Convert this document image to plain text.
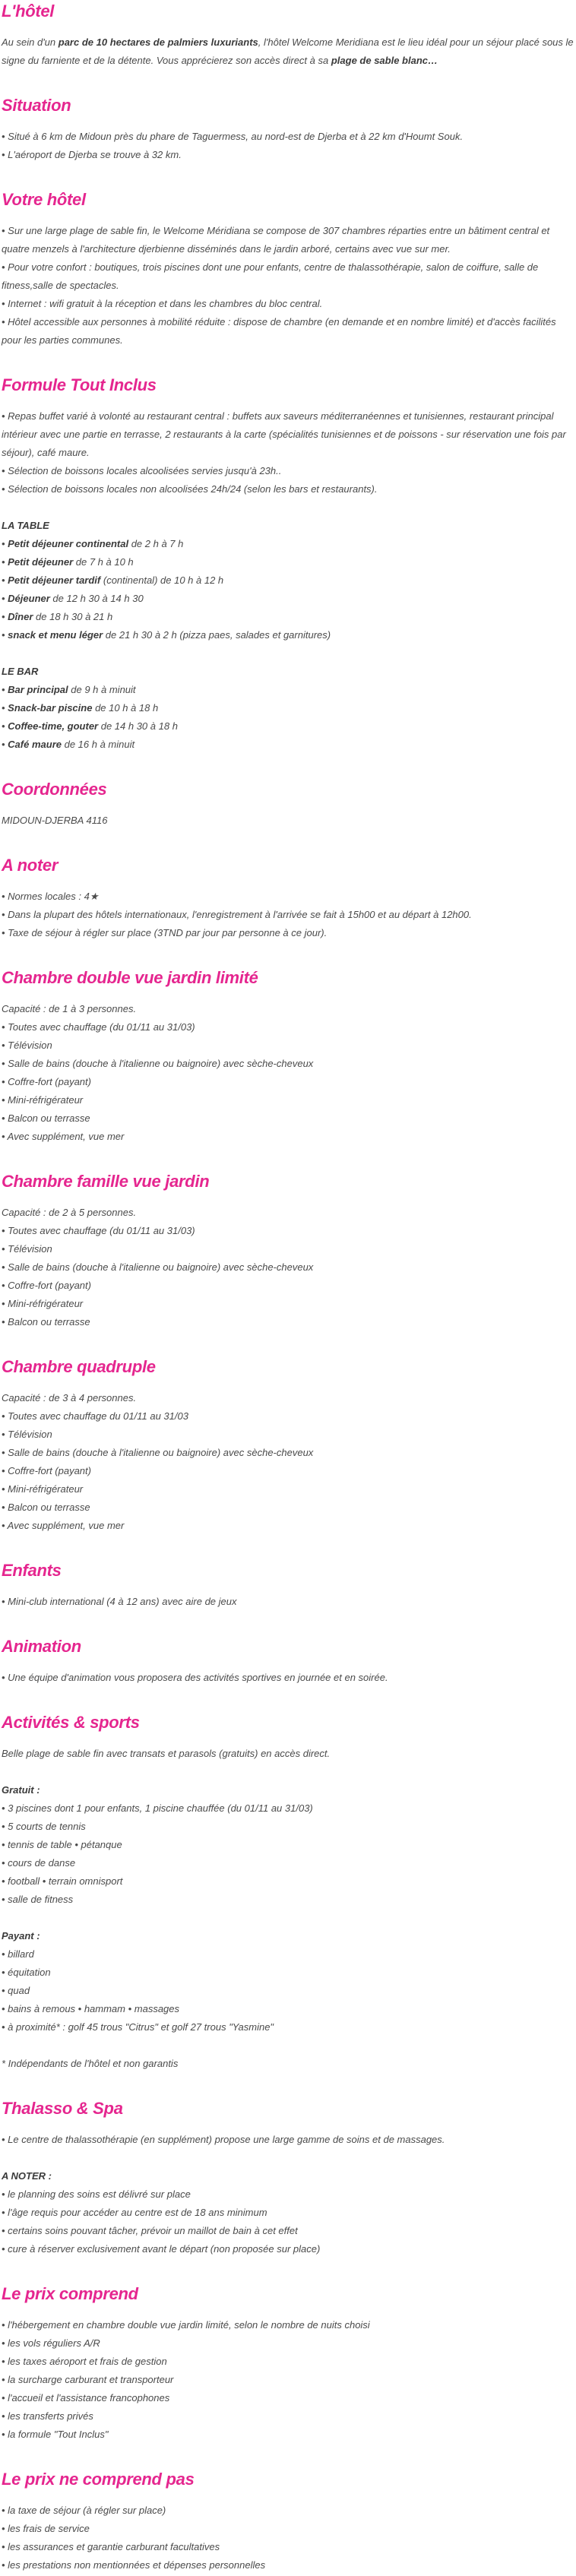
L'hôtel

Au sein d'un parc de 10 hectares de palmiers luxuriants, l'hôtel Welcome Meridiana est le lieu idéal pour un séjour placé sous le signe du farniente et de la détente. Vous apprécierez son accès direct à sa plage de sable blanc…

Situation

• Situé à 6 km de Midoun près du phare de Taguermess, au nord-est de Djerba et à 22 km d'Houmt Souk.

• L'aéroport de Djerba se trouve à 32 km.

Votre hôtel

• Sur une large plage de sable fin, le Welcome Méridiana se compose de 307 chambres réparties entre un bâtiment central et quatre menzels à l'architecture djerbienne disséminés dans le jardin arboré, certains avec vue sur mer.

• Pour votre confort : boutiques, trois piscines dont une pour enfants, centre de thalassothérapie, salon de coiffure, salle de fitness,salle de spectacles.

• Internet : wifi gratuit à la réception et dans les chambres du bloc central.

• Hôtel accessible aux personnes à mobilité réduite : dispose de chambre (en demande et en nombre limité) et d'accès facilités pour les parties communes.

Formule Tout Inclus

• Repas buffet varié à volonté au restaurant central : buffets aux saveurs méditerranéennes et tunisiennes, restaurant principal intérieur avec une partie en terrasse, 2 restaurants à la carte (spécialités tunisiennes et de poissons - sur réservation une fois par séjour), café maure.

• Sélection de boissons locales alcoolisées servies jusqu'à 23h..

• Sélection de boissons locales non alcoolisées 24h/24 (selon les bars et restaurants).

LA TABLE

• Petit déjeuner continental de 2 h à 7 h

• Petit déjeuner de 7 h à 10 h

• Petit déjeuner tardif (continental) de 10 h à 12 h

• Déjeuner de 12 h 30 à 14 h 30

• Dîner de 18 h 30 à 21 h

• snack et menu léger de 21 h 30 à 2 h (pizza paes, salades et garnitures)

LE BAR

• Bar principal de 9 h à minuit

• Snack-bar piscine de 10 h à 18 h

• Coffee-time, gouter de 14 h 30 à 18 h

• Café maure de 16 h à minuit

Coordonnées

MIDOUN-DJERBA 4116

A noter

• Normes locales : 4★

• Dans la plupart des hôtels internationaux, l'enregistrement à l'arrivée se fait à 15h00 et au départ à 12h00.

• Taxe de séjour à régler sur place (3TND par jour par personne à ce jour).

Chambre double vue jardin limité

Capacité : de 1 à 3 personnes.

• Toutes avec chauffage (du 01/11 au 31/03)

• Télévision

• Salle de bains (douche à l'italienne ou baignoire) avec sèche-cheveux

• Coffre-fort (payant)

• Mini-réfrigérateur

• Balcon ou terrasse

• Avec supplément, vue mer

Chambre famille vue jardin

Capacité : de 2 à 5 personnes.

• Toutes avec chauffage (du 01/11 au 31/03)

• Télévision

• Salle de bains (douche à l'italienne ou baignoire) avec sèche-cheveux

• Coffre-fort (payant)

• Mini-réfrigérateur

• Balcon ou terrasse

Chambre quadruple

Capacité : de 3 à 4 personnes.

• Toutes avec chauffage du 01/11 au 31/03

• Télévision

• Salle de bains (douche à l'italienne ou baignoire) avec sèche-cheveux

• Coffre-fort (payant)

• Mini-réfrigérateur

• Balcon ou terrasse

• Avec supplément, vue mer

Enfants

• Mini-club international (4 à 12 ans) avec aire de jeux

Animation

• Une équipe d'animation vous proposera des activités sportives en journée et en soirée.

Activités & sports

Belle plage de sable fin avec transats et parasols (gratuits) en accès direct.

Gratuit :

• 3 piscines dont 1 pour enfants, 1 piscine chauffée (du 01/11 au 31/03)

• 5 courts de tennis

• tennis de table • pétanque

• cours de danse

• football • terrain omnisport

• salle de fitness

Payant :

• billard

• équitation

• quad

• bains à remous • hammam • massages

• à proximité* : golf 45 trous "Citrus" et golf 27 trous "Yasmine"

* Indépendants de l'hôtel et non garantis

Thalasso & Spa

• Le centre de thalassothérapie (en supplément) propose une large gamme de soins et de massages.

A NOTER :

• le planning des soins est délivré sur place

• l'âge requis pour accéder au centre est de 18 ans minimum

• certains soins pouvant tâcher, prévoir un maillot de bain à cet effet

• cure à réserver exclusivement avant le départ (non proposée sur place)

Le prix comprend

• l'hébergement en chambre double vue jardin limité, selon le nombre de nuits choisi

• les vols réguliers A/R

• les taxes aéroport et frais de gestion

• la surcharge carburant et transporteur

• l'accueil et l'assistance francophones

• les transferts privés

• la formule "Tout Inclus"

Le prix ne comprend pas

• la taxe de séjour (à régler sur place)

• les frais de service

• les assurances et garantie carburant facultatives

• les prestations non mentionnées et dépenses personnelles
